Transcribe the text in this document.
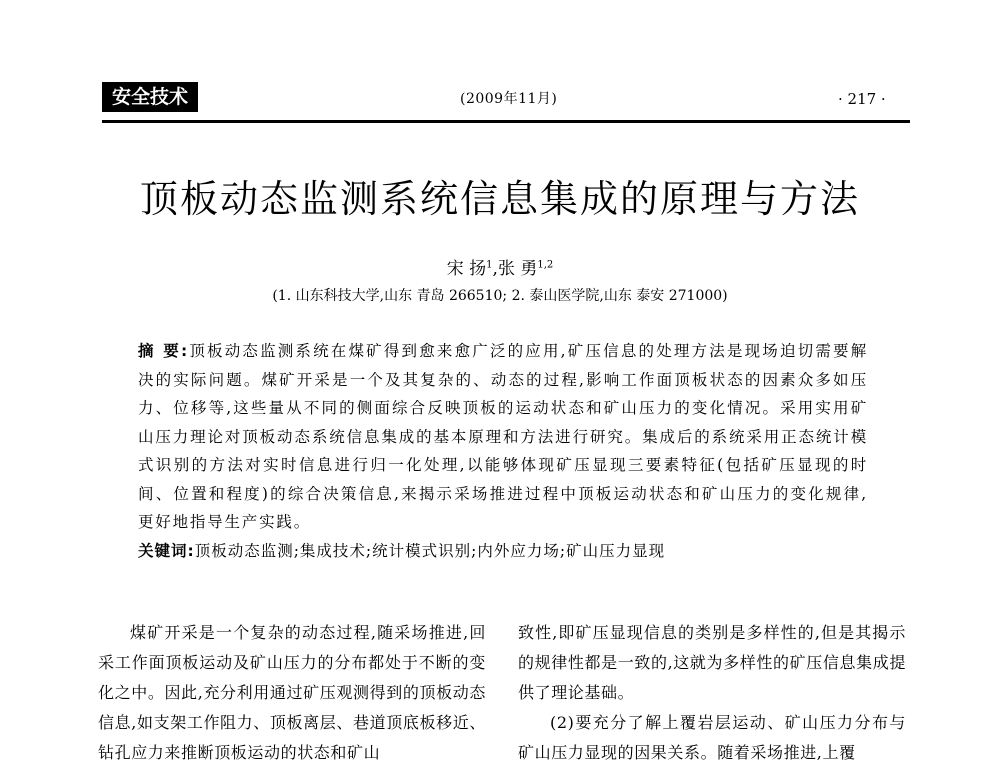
安全技术	(2009年11月)	· 217 ·
顶板动态监测系统信息集成的原理与方法
宋 扬$^1$,张 勇$^{1,2}$
(1. 山东科技大学,山东 青岛 266510; 2. 泰山医学院,山东 泰安 271000)
摘 要:顶板动态监测系统在煤矿得到愈来愈广泛的应用,矿压信息的处理方法是现场迫切需要解决的实际问题。煤矿开采是一个及其复杂的、动态的过程,影响工作面顶板状态的因素众多如压力、位移等,这些量从不同的侧面综合反映顶板的运动状态和矿山压力的变化情况。采用实用矿山压力理论对顶板动态系统信息集成的基本原理和方法进行研究。集成后的系统采用正态统计模式识别的方法对实时信息进行归一化处理,以能够体现矿压显现三要素特征(包括矿压显现的时间、位置和程度)的综合决策信息,来揭示采场推进过程中顶板运动状态和矿山压力的变化规律,更好地指导生产实践。
关键词:顶板动态监测;集成技术;统计模式识别;内外应力场;矿山压力显现

煤矿开采是一个复杂的动态过程,随采场推进,回采工作面顶板运动及矿山压力的分布都处于不断的变化之中。因此,充分利用通过矿压观测得到的顶板动态信息,如支架工作阻力、顶板离层、巷道顶底板移近、钻孔应力来推断顶板运动的状态和矿山

致性,即矿压显现信息的类别是多样性的,但是其揭示的规律性都是一致的,这就为多样性的矿压信息集成提供了理论基础。

(2)要充分了解上覆岩层运动、矿山压力分布与矿山压力显现的因果关系。随着采场推进,上覆
